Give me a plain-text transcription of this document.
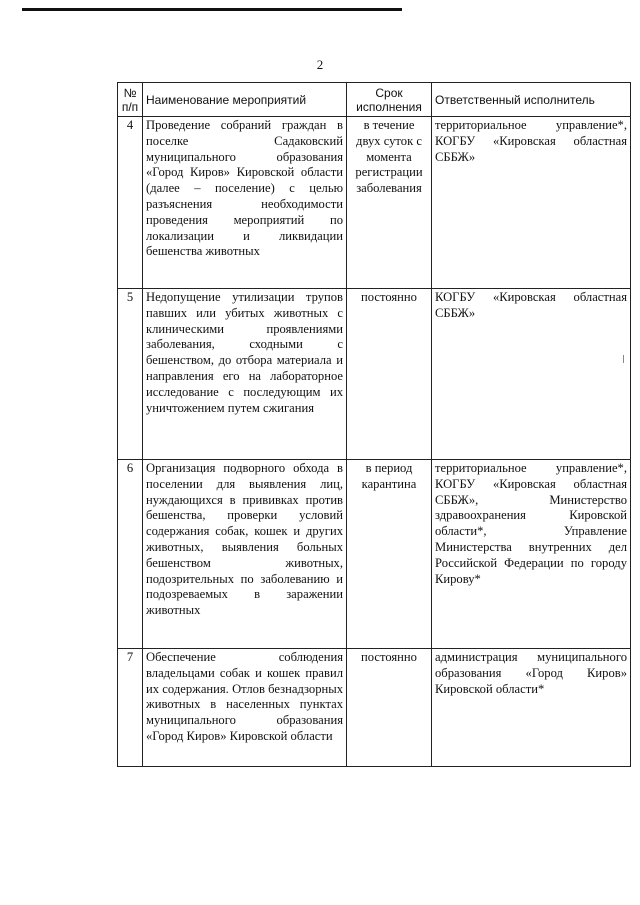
2
№ п/п	Наименование мероприятий	Срок исполнения	Ответственный исполнитель
4	Проведение собраний граждан в поселке Садаковский муниципального образования «Город Киров» Кировской области (далее – поселение) с целью разъяснения необходимости проведения мероприятий по локализации и ликвидации бешенства животных	в течение двух суток с момента регистрации заболевания	территориальное управление*, КОГБУ «Кировская областная СББЖ»
5	Недопущение утилизации трупов павших или убитых животных с клиническими проявлениями заболевания, сходными с бешенством, до отбора материала и направления его на лабораторное исследование с последующим их уничтожением путем сжигания	постоянно	КОГБУ «Кировская областная СББЖ»
6	Организация подворного обхода в поселении для выявления лиц, нуждающихся в прививках против бешенства, проверки условий содержания собак, кошек и других животных, выявления больных бешенством животных, подозрительных по заболеванию и подозреваемых в заражении животных	в период карантина	территориальное управление*, КОГБУ «Кировская областная СББЖ», Министерство здравоохранения Кировской области*, Управление Министерства внутренних дел Российской Федерации по городу Кирову*
7	Обеспечение соблюдения владельцами собак и кошек правил их содержания. Отлов безнадзорных животных в населенных пунктах муниципального образования «Город Киров» Кировской области	постоянно	администрация муниципального образования «Город Киров» Кировской области*
